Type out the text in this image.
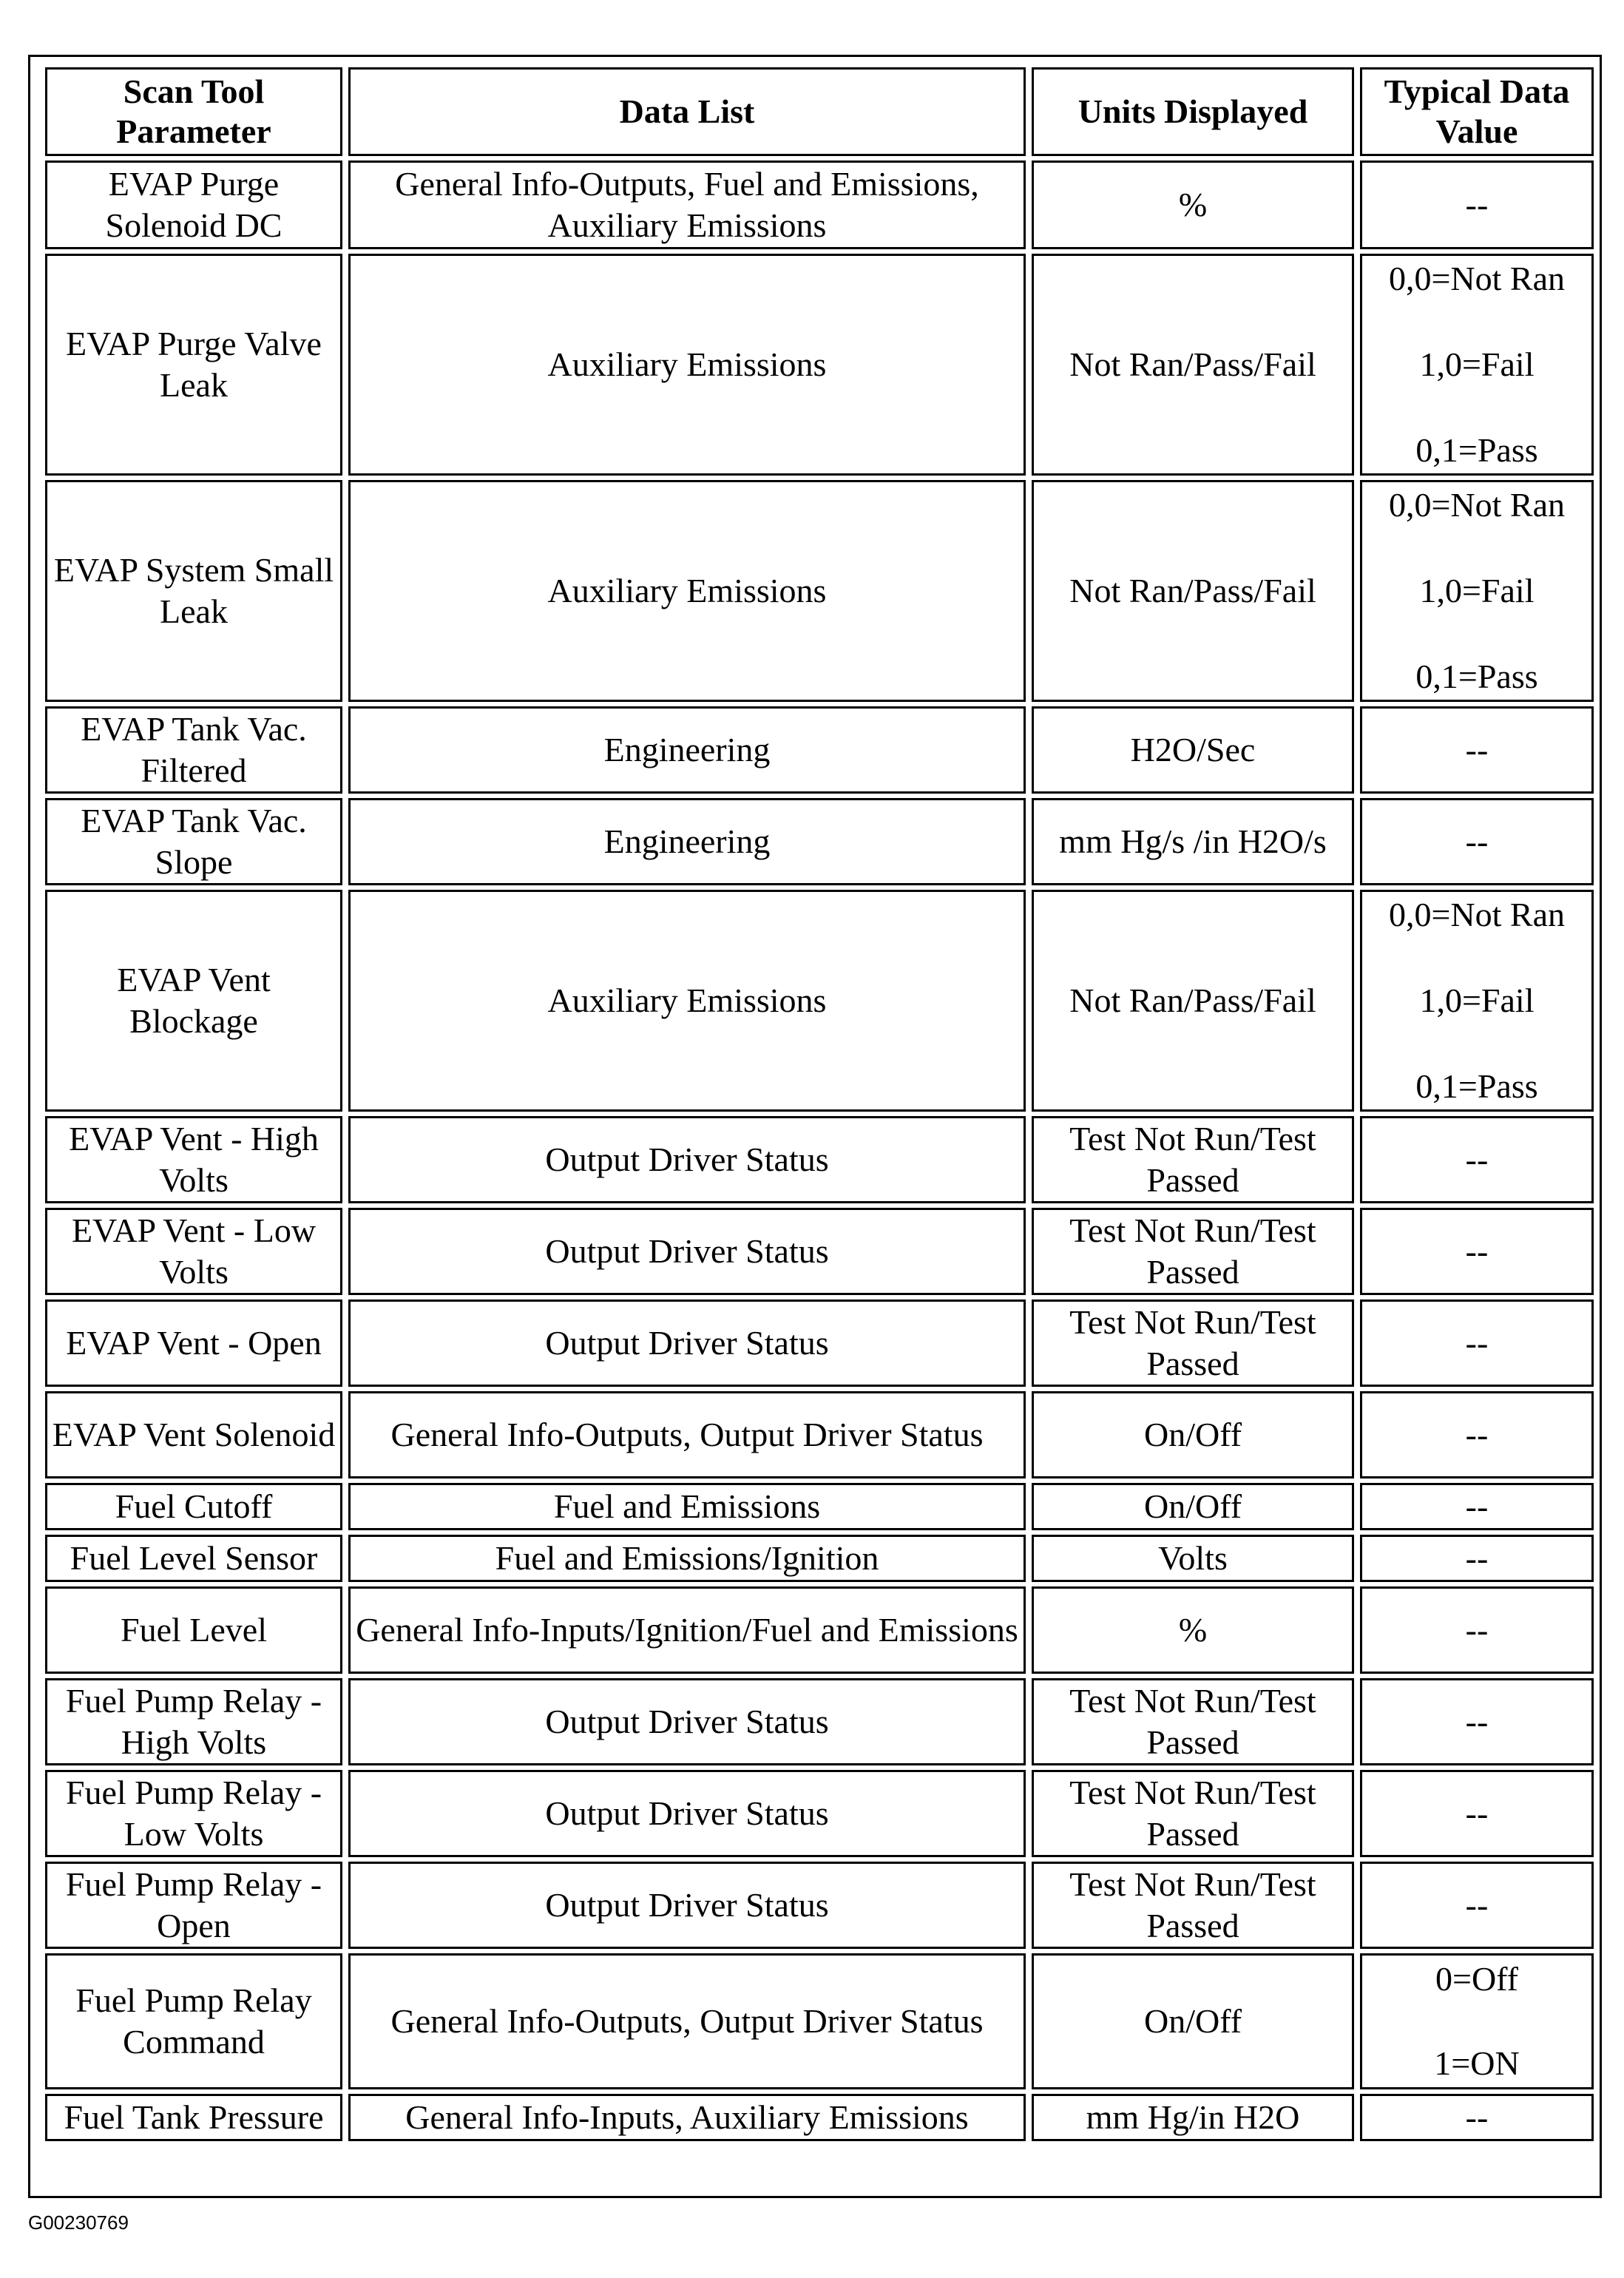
Scan Tool Parameter	Data List	Units Displayed	Typical Data Value
EVAP Purge Solenoid DC	General Info-Outputs, Fuel and Emissions, Auxiliary Emissions	%	--

EVAP Purge Valve Leak	Auxiliary Emissions	Not Ran/Pass/Fail	0,0=Not Ran
1,0=Fail
0,1=Pass

EVAP System Small Leak	Auxiliary Emissions	Not Ran/Pass/Fail	0,0=Not Ran
1,0=Fail
0,1=Pass

EVAP Tank Vac. Filtered	Engineering	H2O/Sec	--

EVAP Tank Vac. Slope	Engineering	mm Hg/s /in H2O/s	--

EVAP Vent Blockage	Auxiliary Emissions	Not Ran/Pass/Fail	0,0=Not Ran
1,0=Fail
0,1=Pass

EVAP Vent - High Volts	Output Driver Status	Test Not Run/Test Passed	--

EVAP Vent - Low Volts	Output Driver Status	Test Not Run/Test Passed	--

EVAP Vent - Open	Output Driver Status	Test Not Run/Test Passed	--

EVAP Vent Solenoid	General Info-Outputs, Output Driver Status	On/Off	--

Fuel Cutoff	Fuel and Emissions	On/Off	--

Fuel Level Sensor	Fuel and Emissions/Ignition	Volts	--

Fuel Level	General Info-Inputs/Ignition/Fuel and Emissions	%	--

Fuel Pump Relay - High Volts	Output Driver Status	Test Not Run/Test Passed	--

Fuel Pump Relay - Low Volts	Output Driver Status	Test Not Run/Test Passed	--

Fuel Pump Relay - Open	Output Driver Status	Test Not Run/Test Passed	--

Fuel Pump Relay Command	General Info-Outputs, Output Driver Status	On/Off	0=Off
1=ON

Fuel Tank Pressure	General Info-Inputs, Auxiliary Emissions	mm Hg/in H2O	--
G00230769
